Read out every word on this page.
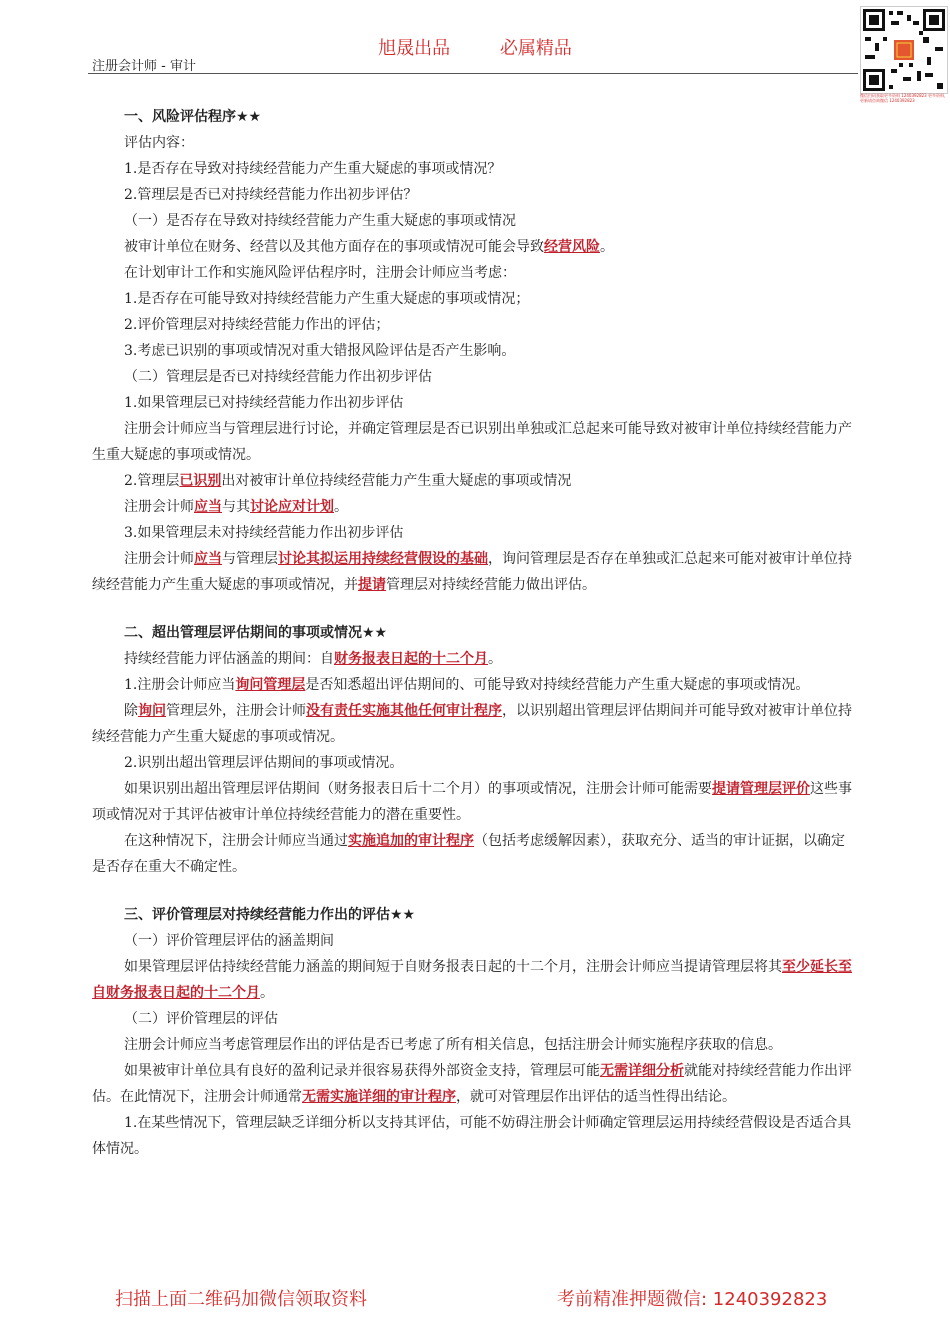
旭晟出品	必属精品
注册会计师 - 审计
微信扫码获取更多资料 1240392823 更多资料，更新请咨询微信 1240392823

一、风险评估程序★★

评估内容：

1.是否存在导致对持续经营能力产生重大疑虑的事项或情况？

2.管理层是否已对持续经营能力作出初步评估？

（一）是否存在导致对持续经营能力产生重大疑虑的事项或情况

被审计单位在财务、经营以及其他方面存在的事项或情况可能会导致经营风险。

在计划审计工作和实施风险评估程序时，注册会计师应当考虑：

1.是否存在可能导致对持续经营能力产生重大疑虑的事项或情况；

2.评价管理层对持续经营能力作出的评估；

3.考虑已识别的事项或情况对重大错报风险评估是否产生影响。

（二）管理层是否已对持续经营能力作出初步评估

1.如果管理层已对持续经营能力作出初步评估

注册会计师应当与管理层进行讨论，并确定管理层是否已识别出单独或汇总起来可能导致对被审计单位持续经营能力产生重大疑虑的事项或情况。

2.管理层已识别出对被审计单位持续经营能力产生重大疑虑的事项或情况

注册会计师应当与其讨论应对计划。

3.如果管理层未对持续经营能力作出初步评估

注册会计师应当与管理层讨论其拟运用持续经营假设的基础，询问管理层是否存在单独或汇总起来可能对被审计单位持续经营能力产生重大疑虑的事项或情况，并提请管理层对持续经营能力做出评估。

二、超出管理层评估期间的事项或情况★★

持续经营能力评估涵盖的期间：自财务报表日起的十二个月。

1.注册会计师应当询问管理层是否知悉超出评估期间的、可能导致对持续经营能力产生重大疑虑的事项或情况。

除询问管理层外，注册会计师没有责任实施其他任何审计程序，以识别超出管理层评估期间并可能导致对被审计单位持续经营能力产生重大疑虑的事项或情况。

2.识别出超出管理层评估期间的事项或情况。

如果识别出超出管理层评估期间（财务报表日后十二个月）的事项或情况，注册会计师可能需要提请管理层评价这些事项或情况对于其评估被审计单位持续经营能力的潜在重要性。

在这种情况下，注册会计师应当通过实施追加的审计程序（包括考虑缓解因素），获取充分、适当的审计证据，以确定是否存在重大不确定性。

三、评价管理层对持续经营能力作出的评估★★

（一）评价管理层评估的涵盖期间

如果管理层评估持续经营能力涵盖的期间短于自财务报表日起的十二个月，注册会计师应当提请管理层将其至少延长至自财务报表日起的十二个月。

（二）评价管理层的评估

注册会计师应当考虑管理层作出的评估是否已考虑了所有相关信息，包括注册会计师实施程序获取的信息。

如果被审计单位具有良好的盈利记录并很容易获得外部资金支持，管理层可能无需详细分析就能对持续经营能力作出评估。在此情况下，注册会计师通常无需实施详细的审计程序，就可对管理层作出评估的适当性得出结论。

1.在某些情况下，管理层缺乏详细分析以支持其评估，可能不妨碍注册会计师确定管理层运用持续经营假设是否适合具体情况。

扫描上面二维码加微信领取资料	考前精准押题微信: 1240392823
